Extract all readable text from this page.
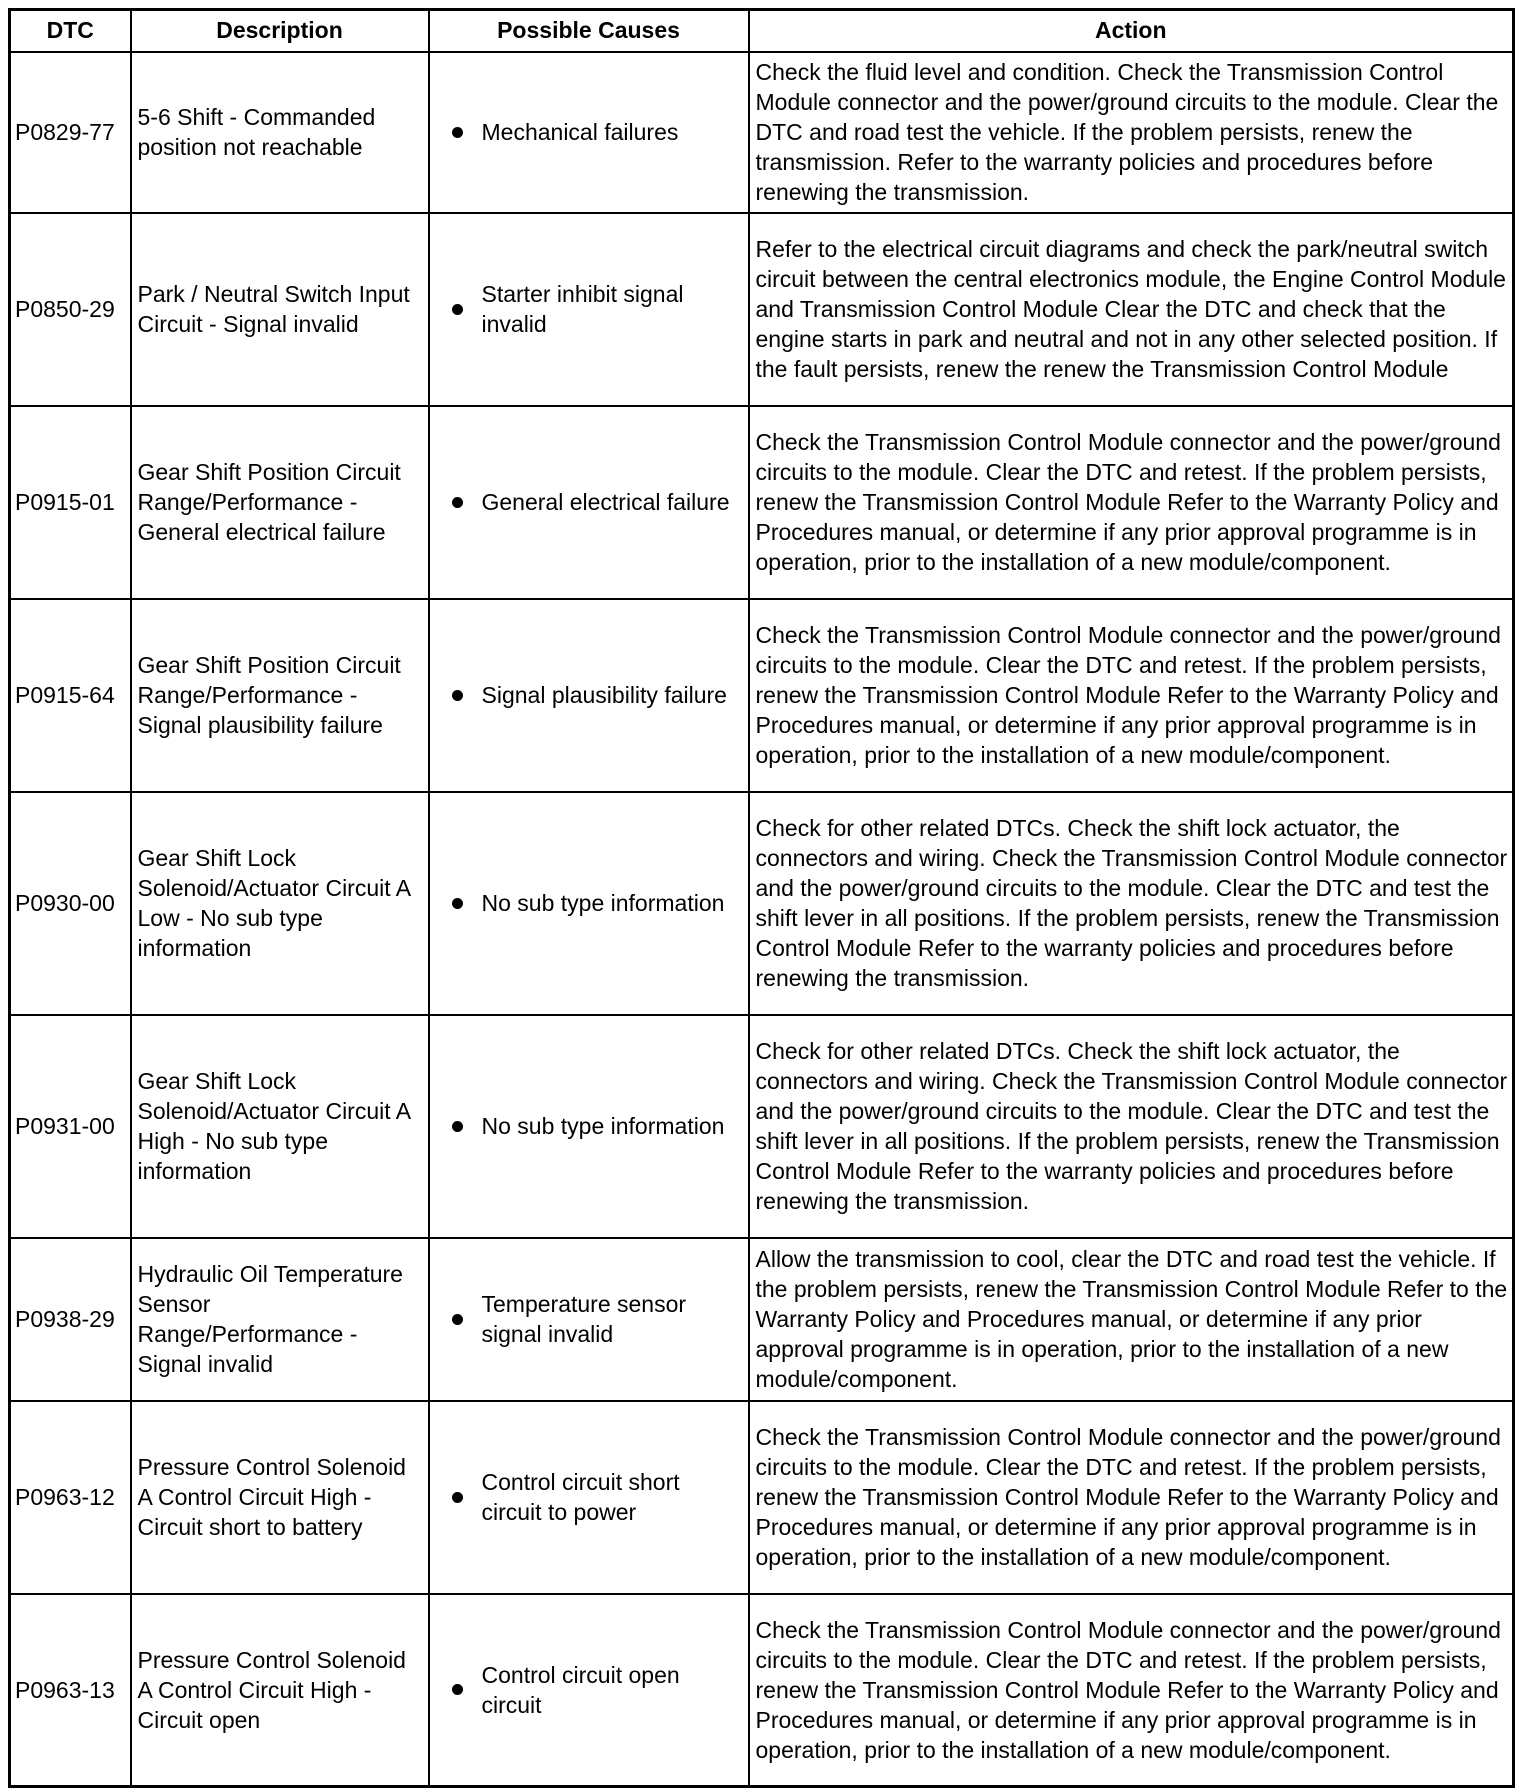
DTC	Description	Possible Causes	Action
P0829-77	5-6 Shift - Commanded position not reachable	Mechanical failures	Check the fluid level and condition. Check the Transmission Control Module connector and the power/ground circuits to the module. Clear the DTC and road test the vehicle. If the problem persists, renew the transmission. Refer to the warranty policies and procedures before renewing the transmission.
P0850-29	Park / Neutral Switch Input Circuit - Signal invalid	Starter inhibit signal invalid	Refer to the electrical circuit diagrams and check the park/neutral switch circuit between the central electronics module, the Engine Control Module and Transmission Control Module Clear the DTC and check that the engine starts in park and neutral and not in any other selected position. If the fault persists, renew the renew the Transmission Control Module
P0915-01	Gear Shift Position Circuit Range/Performance - General electrical failure	General electrical failure	Check the Transmission Control Module connector and the power/ground circuits to the module. Clear the DTC and retest. If the problem persists, renew the Transmission Control Module Refer to the Warranty Policy and Procedures manual, or determine if any prior approval programme is in operation, prior to the installation of a new module/component.
P0915-64	Gear Shift Position Circuit Range/Performance - Signal plausibility failure	Signal plausibility failure	Check the Transmission Control Module connector and the power/ground circuits to the module. Clear the DTC and retest. If the problem persists, renew the Transmission Control Module Refer to the Warranty Policy and Procedures manual, or determine if any prior approval programme is in operation, prior to the installation of a new module/component.
P0930-00	Gear Shift Lock Solenoid/Actuator Circuit A Low - No sub type information	No sub type information	Check for other related DTCs. Check the shift lock actuator, the connectors and wiring. Check the Transmission Control Module connector and the power/ground circuits to the module. Clear the DTC and test the shift lever in all positions. If the problem persists, renew the Transmission Control Module Refer to the warranty policies and procedures before renewing the transmission.
P0931-00	Gear Shift Lock Solenoid/Actuator Circuit A High - No sub type information	No sub type information	Check for other related DTCs. Check the shift lock actuator, the connectors and wiring. Check the Transmission Control Module connector and the power/ground circuits to the module. Clear the DTC and test the shift lever in all positions. If the problem persists, renew the Transmission Control Module Refer to the warranty policies and procedures before renewing the transmission.
P0938-29	Hydraulic Oil Temperature Sensor Range/Performance - Signal invalid	Temperature sensor signal invalid	Allow the transmission to cool, clear the DTC and road test the vehicle. If the problem persists, renew the Transmission Control Module Refer to the Warranty Policy and Procedures manual, or determine if any prior approval programme is in operation, prior to the installation of a new module/component.
P0963-12	Pressure Control Solenoid A Control Circuit High - Circuit short to battery	Control circuit short circuit to power	Check the Transmission Control Module connector and the power/ground circuits to the module. Clear the DTC and retest. If the problem persists, renew the Transmission Control Module Refer to the Warranty Policy and Procedures manual, or determine if any prior approval programme is in operation, prior to the installation of a new module/component.
P0963-13	Pressure Control Solenoid A Control Circuit High - Circuit open	Control circuit open circuit	Check the Transmission Control Module connector and the power/ground circuits to the module. Clear the DTC and retest. If the problem persists, renew the Transmission Control Module Refer to the Warranty Policy and Procedures manual, or determine if any prior approval programme is in operation, prior to the installation of a new module/component.
